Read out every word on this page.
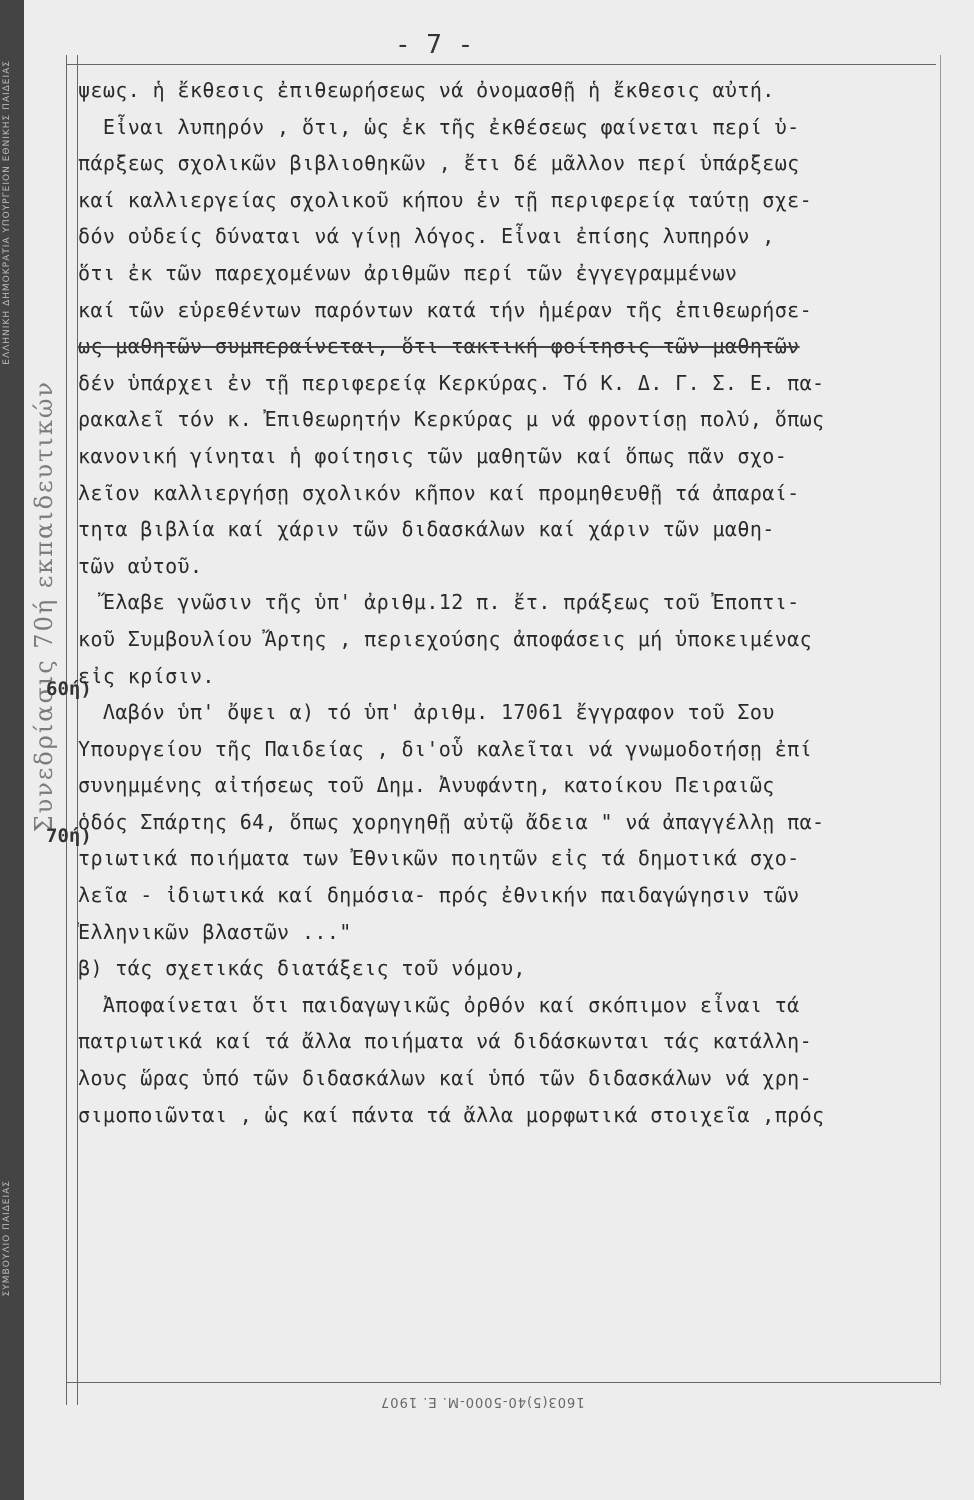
ΕΛΛΗΝΙΚΗ ΔΗΜΟΚΡΑΤΙΑ ΥΠΟΥΡΓΕΙΟΝ ΕΘΝΙΚΗΣ ΠΑΙΔΕΙΑΣ
ΣΥΜΒΟΥΛΙΟ ΠΑΙΔΕΙΑΣ
Συνεδρίασις 70ή εκπαιδευτικών
- 7 -
60ή)
70ή)
ψεως. ἡ ἔκθεσις ἐπιθεωρήσεως νά ὀνομασθῇ ἡ ἔκθεσις αὐτή.
Εἶναι λυπηρόν , ὅτι, ὡς ἐκ τῆς ἐκθέσεως φαίνεται περί ὑ-
πάρξεως σχολικῶν βιβλιοθηκῶν , ἔτι δέ μᾶλλον περί ὑπάρξεως
καί καλλιεργείας σχολικοῦ κήπου ἐν τῇ περιφερείᾳ ταύτῃ σχε-
δόν οὐδείς δύναται νά γίνῃ λόγος. Εἶναι ἐπίσης λυπηρόν ,
ὅτι ἐκ τῶν παρεχομένων ἀριθμῶν περί τῶν ἐγγεγραμμένων
καί τῶν εὑρεθέντων παρόντων κατά τήν ἡμέραν τῆς ἐπιθεωρήσε-
ως μαθητῶν συμπεραίνεται, ὅτι τακτική φοίτησις τῶν μαθητῶν
δέν ὑπάρχει ἐν τῇ περιφερείᾳ Κερκύρας. Τό Κ. Δ. Γ. Σ. Ε. πα-
ρακαλεῖ τόν κ. Ἐπιθεωρητήν Κερκύρας μ νά φροντίσῃ πολύ, ὅπως
κανονική γίνηται ἡ φοίτησις τῶν μαθητῶν καί ὅπως πᾶν σχο-
λεῖον καλλιεργήσῃ σχολικόν κῆπον καί προμηθευθῇ τά ἀπαραί-
τητα βιβλία καί χάριν τῶν διδασκάλων καί χάριν τῶν μαθη-
τῶν αὐτοῦ.
Ἔλαβε γνῶσιν τῆς ὑπ' ἀριθμ.12 π. ἔτ. πράξεως τοῦ Ἐποπτι-
κοῦ Συμβουλίου Ἄρτης , περιεχούσης ἀποφάσεις μή ὑποκειμένας
εἰς κρίσιν.
Λαβόν ὑπ' ὄψει α) τό ὑπ' ἀριθμ. 17061 ἔγγραφον τοῦ Σου
Ὑπουργείου τῆς Παιδείας , δι'οὗ καλεῖται νά γνωμοδοτήσῃ ἐπί
συνημμένης αἰτήσεως τοῦ Δημ. Ἀνυφάντη, κατοίκου Πειραιῶς
ὁδός Σπάρτης 64, ὅπως χορηγηθῇ αὐτῷ ἄδεια " νά ἀπαγγέλλῃ πα-
τριωτικά ποιήματα των Ἐθνικῶν ποιητῶν εἰς τά δημοτικά σχο-
λεῖα - ἰδιωτικά καί δημόσια- πρός ἐθνικήν παιδαγώγησιν τῶν
Ἑλληνικῶν βλαστῶν ..."
β) τάς σχετικάς διατάξεις τοῦ νόμου,
Ἀποφαίνεται ὅτι παιδαγωγικῶς ὀρθόν καί σκόπιμον εἶναι τά
πατριωτικά καί τά ἄλλα ποιήματα νά διδάσκωνται τάς κατάλλη-
λους ὥρας ὑπό τῶν διδασκάλων καί ὑπό τῶν διδασκάλων νά χρη-
σιμοποιῶνται , ὡς καί πάντα τά ἄλλα μορφωτικά στοιχεῖα ,πρός
1603(5)40-5000-Μ. Ε. 1907
